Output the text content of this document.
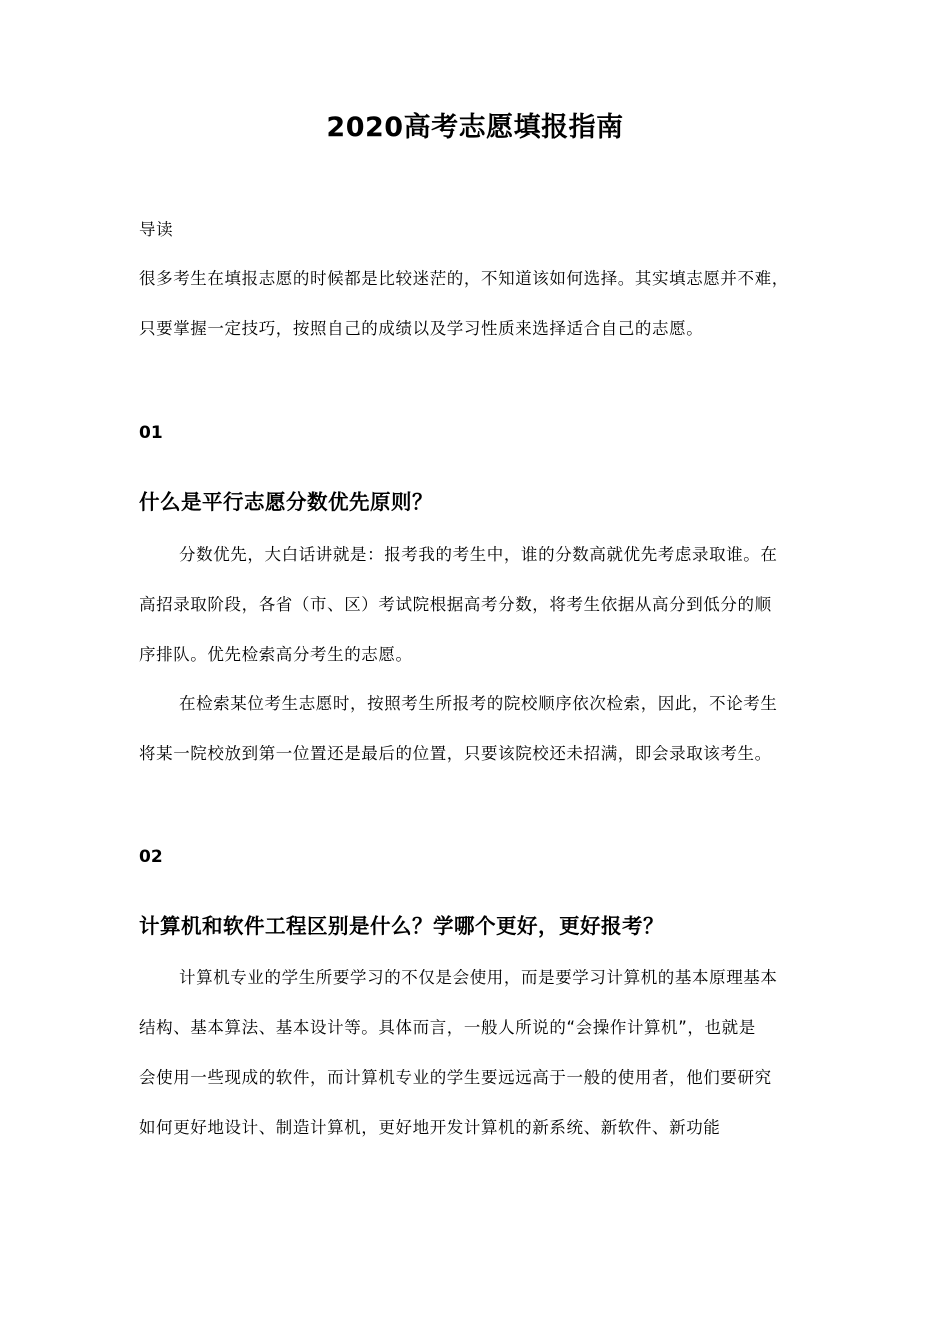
2020高考志愿填报指南
导读
很多考生在填报志愿的时候都是比较迷茫的，不知道该如何选择。其实填志愿并不难，
只要掌握一定技巧，按照自己的成绩以及学习性质来选择适合自己的志愿。
01
什么是平行志愿分数优先原则？
分数优先，大白话讲就是：报考我的考生中，谁的分数高就优先考虑录取谁。在
高招录取阶段，各省（市、区）考试院根据高考分数，将考生依据从高分到低分的顺
序排队。优先检索高分考生的志愿。
在检索某位考生志愿时，按照考生所报考的院校顺序依次检索，因此，不论考生
将某一院校放到第一位置还是最后的位置，只要该院校还未招满，即会录取该考生。
02
计算机和软件工程区别是什么？学哪个更好，更好报考？
计算机专业的学生所要学习的不仅是会使用，而是要学习计算机的基本原理基本
结构、基本算法、基本设计等。具体而言，一般人所说的“会操作计算机”，也就是
会使用一些现成的软件，而计算机专业的学生要远远高于一般的使用者，他们要研究
如何更好地设计、制造计算机，更好地开发计算机的新系统、新软件、新功能
